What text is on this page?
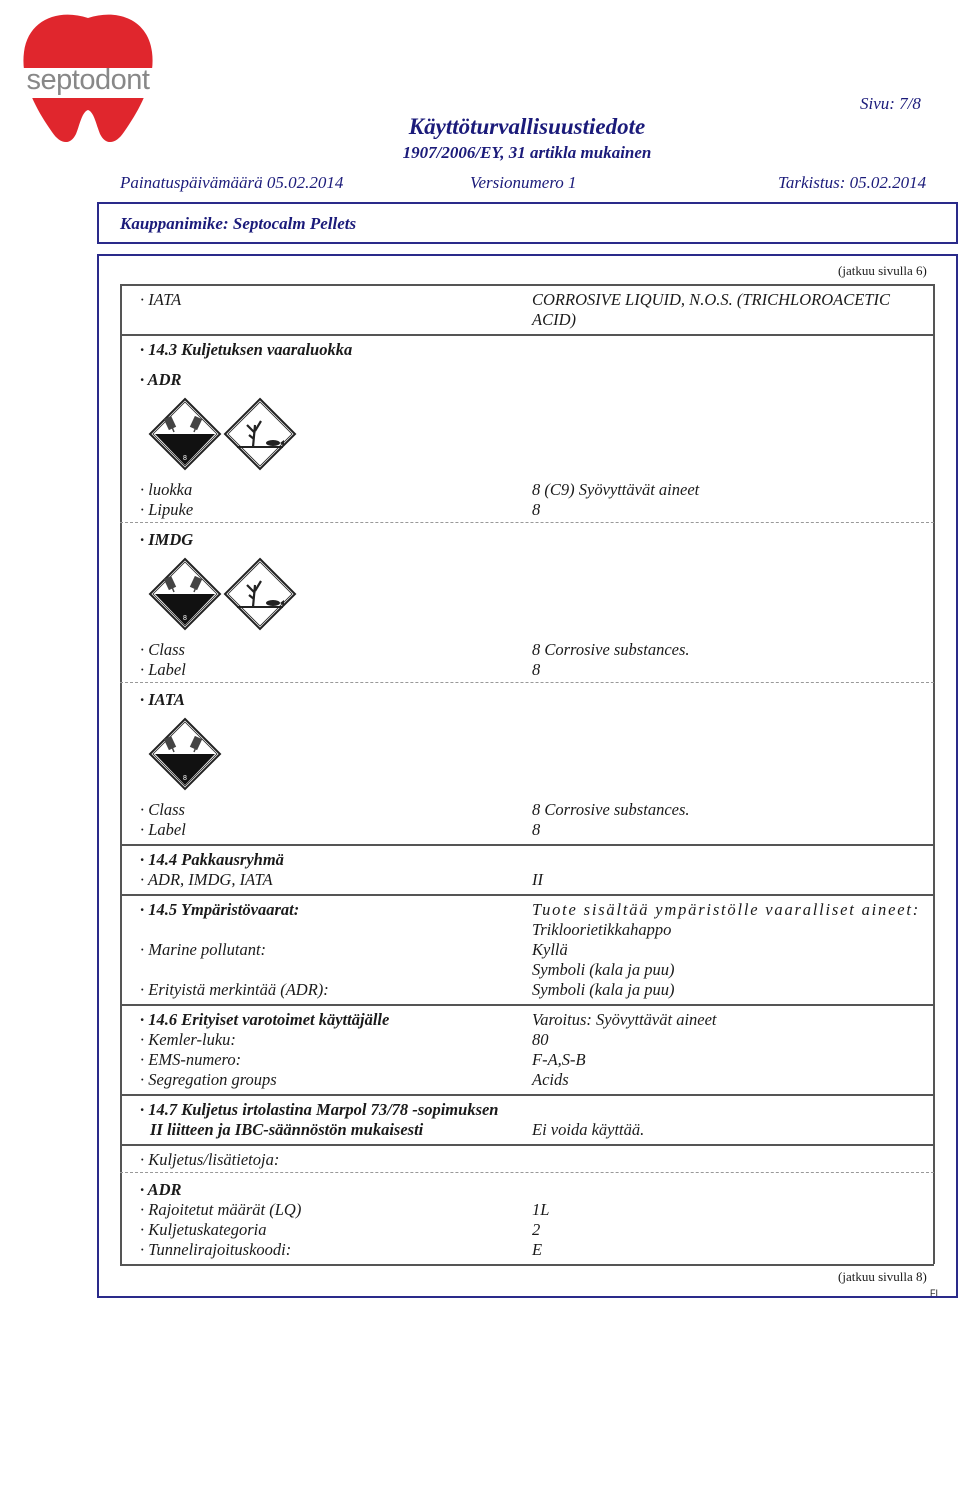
septodont
Sivu: 7/8
Käyttöturvallisuustiedote
1907/2006/EY, 31 artikla mukainen
Painatuspäivämäärä 05.02.2014	Versionumero 1	Tarkistus: 05.02.2014
Kauppanimike: Septocalm Pellets
(jatkuu sivulla 6)
· IATA	CORROSIVE LIQUID, N.O.S. (TRICHLOROACETIC
ACID)
· 14.3 Kuljetuksen vaaraluokka
· ADR
8
· luokka	8 (C9) Syövyttävät aineet
· Lipuke	8
· IMDG
8
· Class	8 Corrosive substances.
· Label	8
· IATA
8
· Class	8 Corrosive substances.
· Label	8
· 14.4 Pakkausryhmä
· ADR, IMDG, IATA	II
· 14.5 Ympäristövaarat:	Tuote sisältää ympäristölle vaaralliset aineet:
Trikloorietikkahappo
· Marine pollutant:	Kyllä
Symboli (kala ja puu)
· Erityistä merkintää (ADR):	Symboli (kala ja puu)
· 14.6 Erityiset varotoimet käyttäjälle	Varoitus: Syövyttävät aineet
· Kemler-luku:	80
· EMS-numero:	F-A,S-B
· Segregation groups	Acids
· 14.7 Kuljetus irtolastina Marpol 73/78 -sopimuksen
II liitteen ja IBC-säännöstön mukaisesti	Ei voida käyttää.
· Kuljetus/lisätietoja:
· ADR
· Rajoitetut määrät (LQ)	1L
· Kuljetuskategoria	2
· Tunnelirajoituskoodi:	E
(jatkuu sivulla 8)
FI
